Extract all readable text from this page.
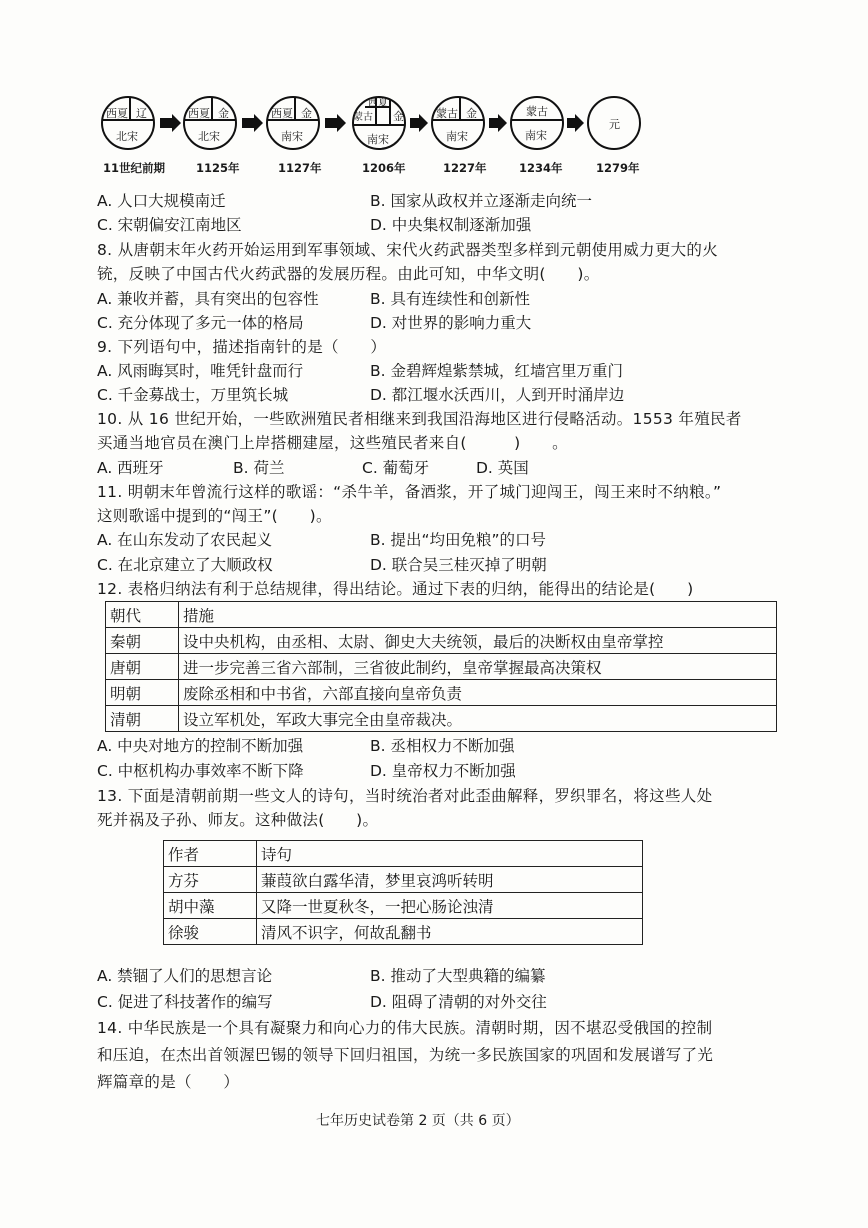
西夏 辽
北宋
11世纪前期
西夏 金
北宋
1125年
西夏 金
南宋
1127年
西夏
蒙古 金
南宋
1206年
蒙古 金
南宋
1227年
蒙古
南宋
1234年
元
1279年
A. 人口大规模南迁	B. 国家从政权并立逐渐走向统一
C. 宋朝偏安江南地区	D. 中央集权制逐渐加强
8. 从唐朝末年火药开始运用到军事领域、宋代火药武器类型多样到元朝使用威力更大的火
铳，反映了中国古代火药武器的发展历程。由此可知，中华文明(　　)。
A. 兼收并蓄，具有突出的包容性	B. 具有连续性和创新性
C. 充分体现了多元一体的格局	D. 对世界的影响力重大
9. 下列语句中，描述指南针的是（　　）
A. 风雨晦冥时，唯凭针盘而行	B. 金碧辉煌紫禁城，红墙宫里万重门
C. 千金募战士，万里筑长城	D. 都江堰水沃西川，人到开时涌岸边
10. 从 16 世纪开始，一些欧洲殖民者相继来到我国沿海地区进行侵略活动。1553 年殖民者
买通当地官员在澳门上岸搭棚建屋，这些殖民者来自(　　　)　　。
A. 西班牙	B. 荷兰	C. 葡萄牙	D. 英国
11. 明朝末年曾流行这样的歌谣：“杀牛羊，备酒浆，开了城门迎闯王，闯王来时不纳粮。”
这则歌谣中提到的“闯王”(　　)。
A. 在山东发动了农民起义	B. 提出“均田免粮”的口号
C. 在北京建立了大顺政权	D. 联合吴三桂灭掉了明朝
12. 表格归纳法有利于总结规律，得出结论。通过下表的归纳，能得出的结论是(　　)
朝代	措施
秦朝	设中央机构，由丞相、太尉、御史大夫统领，最后的决断权由皇帝掌控
唐朝	进一步完善三省六部制，三省彼此制约，皇帝掌握最高决策权
明朝	废除丞相和中书省，六部直接向皇帝负责
清朝	设立军机处，军政大事完全由皇帝裁决。
A. 中央对地方的控制不断加强	B. 丞相权力不断加强
C. 中枢机构办事效率不断下降	D. 皇帝权力不断加强
13. 下面是清朝前期一些文人的诗句，当时统治者对此歪曲解释，罗织罪名，将这些人处
死并祸及子孙、师友。这种做法(　　)。
作者	诗句
方芬	蒹葭欲白露华清，梦里哀鸿听转明
胡中藻	又降一世夏秋冬，一把心肠论浊清
徐骏	清风不识字，何故乱翻书
A. 禁锢了人们的思想言论	B. 推动了大型典籍的编纂
C. 促进了科技著作的编写	D. 阻碍了清朝的对外交往
14. 中华民族是一个具有凝聚力和向心力的伟大民族。清朝时期，因不堪忍受俄国的控制
和压迫，在杰出首领渥巴锡的领导下回归祖国，为统一多民族国家的巩固和发展谱写了光
辉篇章的是（　　）
七年历史试卷第 2 页（共 6 页）
